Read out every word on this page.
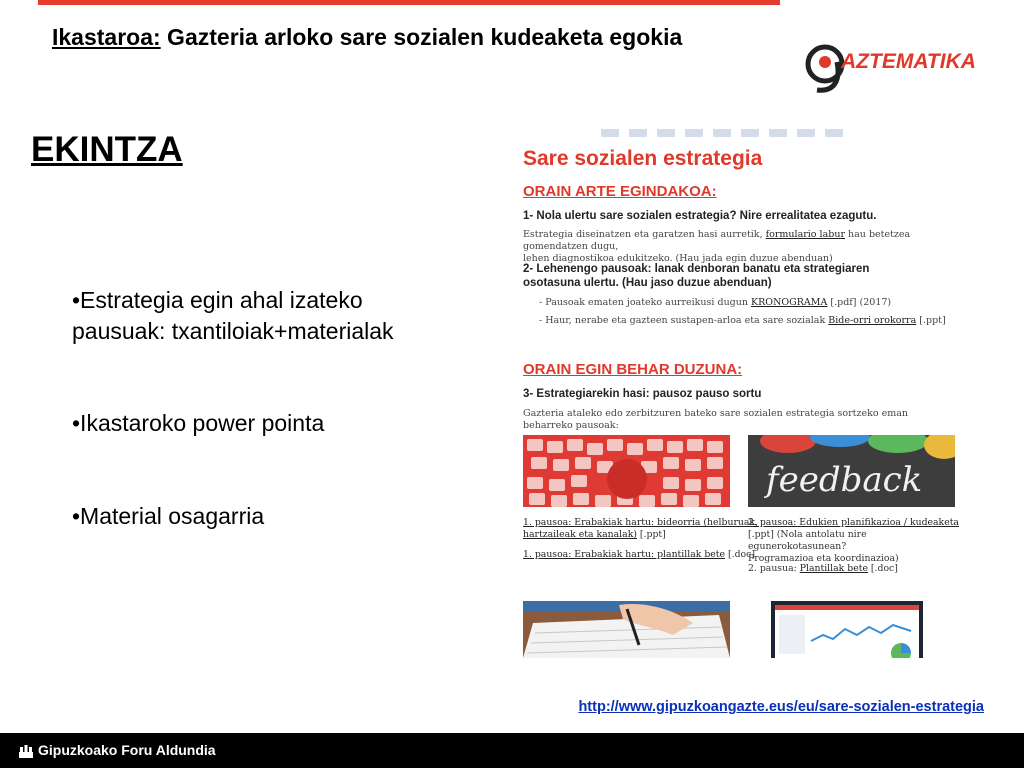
Ikastaroa: Gazteria arloko sare sozialen kudeaketa egokia
AZTEMATIKA
EKINTZA
•Estrategia egin ahal izateko
pausuak: txantiloiak+materialak
•Ikastaroko power pointa
•Material osagarria
Sare sozialen estrategia
ORAIN ARTE EGINDAKOA:
1- Nola ulertu sare sozialen estrategia? Nire errealitatea ezagutu.
Estrategia diseinatzen eta garatzen hasi aurretik, formulario labur hau betetzea gomendatzen dugu,
lehen diagnostikoa edukitzeko. (Hau jada egin duzue abenduan)
2- Lehenengo pausoak: lanak denboran banatu eta strategiaren
osotasuna ulertu. (Hau jaso duzue abenduan)
- Pausoak ematen joateko aurreikusi dugun KRONOGRAMA [.pdf] (2017)
- Haur, nerabe eta gazteen sustapen-arloa eta sare sozialak Bide-orri orokorra [.ppt]
ORAIN EGIN BEHAR DUZUNA:
3- Estrategiarekin hasi: pausoz pauso sortu
Gazteria ataleko edo zerbitzuren bateko sare sozialen estrategia sortzeko eman beharreko pausoak:
feedback
1. pausoa: Erabakiak hartu: bideorria (helburuak,
hartzaileak eta kanalak) [.ppt]
1. pausoa: Erabakiak hartu: plantillak bete [.doc]
2. pausoa: Edukien planifikazioa / kudeaketa
[.ppt] (Nola antolatu nire egunerokotasunean?
Programazioa eta koordinazioa)
2. pausua: Plantillak bete [.doc]
http://www.gipuzkoangazte.eus/eu/sare-sozialen-estrategia
Gipuzkoako Foru Aldundia
